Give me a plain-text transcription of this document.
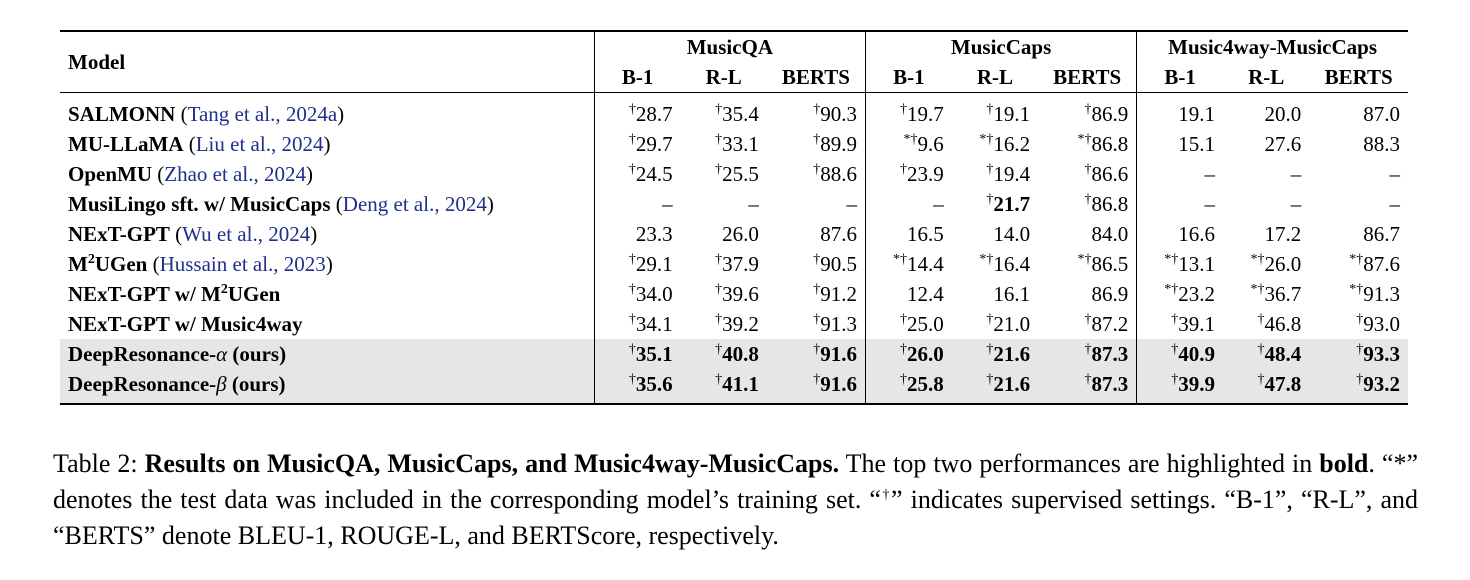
Model	MusicQA			MusicCaps			Music4way-MusicCaps		
	B-1	R-L	BERTS	B-1	R-L	BERTS	B-1	R-L	BERTS
SALMONN (Tang et al., 2024a)	†28.7	†35.4	†90.3	†19.7	†19.1	†86.9	19.1	20.0	87.0
MU-LLaMA (Liu et al., 2024)	†29.7	†33.1	†89.9	*†9.6	*†16.2	*†86.8	15.1	27.6	88.3
OpenMU (Zhao et al., 2024)	†24.5	†25.5	†88.6	†23.9	†19.4	†86.6	–	–	–
MusiLingo sft. w/ MusicCaps (Deng et al., 2024)	–	–	–	–	†21.7	†86.8	–	–	–
NExT-GPT (Wu et al., 2024)	23.3	26.0	87.6	16.5	14.0	84.0	16.6	17.2	86.7
$M^2UGen$ (Hussain et al., 2023)	†29.1	†37.9	†90.5	*†14.4	*†16.4	*†86.5	*†13.1	*†26.0	*†87.6
NExT-GPT w/ $M^2UGen$	†34.0	†39.6	†91.2	12.4	16.1	86.9	*†23.2	*†36.7	*†91.3
NExT-GPT w/ Music4way	†34.1	†39.2	†91.3	†25.0	†21.0	†87.2	†39.1	†46.8	†93.0
DeepResonance-α (ours)	†35.1	†40.8	†91.6	†26.0	†21.6	†87.3	†40.9	†48.4	†93.3
DeepResonance-β (ours)	†35.6	†41.1	†91.6	†25.8	†21.6	†87.3	†39.9	†47.8	†93.2
Table 2: Results on MusicQA, MusicCaps, and Music4way-MusicCaps. The top two performances are highlighted in bold. “*” denotes the test data was included in the corresponding model’s training set. “†” indicates supervised settings. “B-1”, “R-L”, and “BERTS” denote BLEU-1, ROUGE-L, and BERTScore, respectively.
